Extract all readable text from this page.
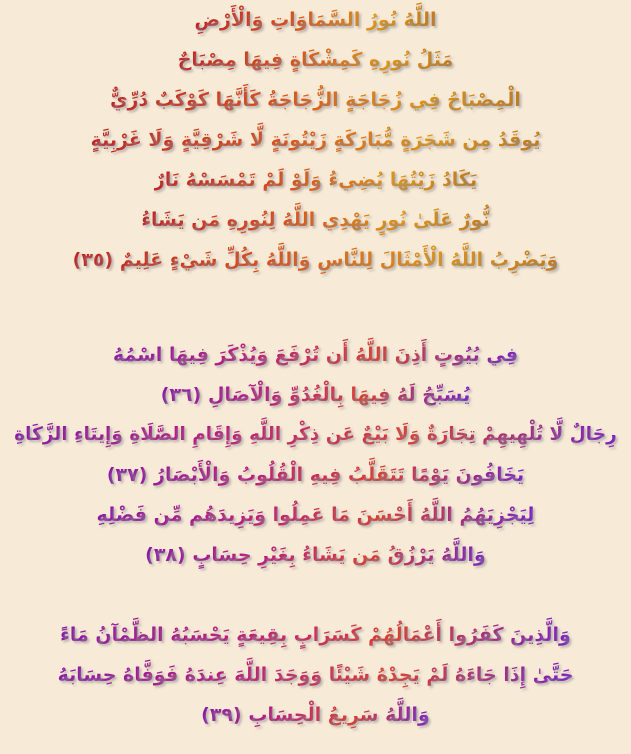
اللَّهُ نُورُ السَّمَاوَاتِ وَالْأَرْضِ
مَثَلُ نُورِهِ كَمِشْكَاةٍ فِيهَا مِصْبَاحٌ
الْمِصْبَاحُ فِي زُجَاجَةٍ الزُّجَاجَةُ كَأَنَّهَا كَوْكَبٌ دُرِّيٌّ
يُوقَدُ مِن شَجَرَةٍ مُّبَارَكَةٍ زَيْتُونَةٍ لَّا شَرْقِيَّةٍ وَلَا غَرْبِيَّةٍ
يَكَادُ زَيْتُهَا يُضِيءُ وَلَوْ لَمْ تَمْسَسْهُ نَارٌ
نُّورٌ عَلَىٰ نُورٍ يَهْدِي اللَّهُ لِنُورِهِ مَن يَشَاءُ
وَيَضْرِبُ اللَّهُ الْأَمْثَالَ لِلنَّاسِ وَاللَّهُ بِكُلِّ شَيْءٍ عَلِيمٌ (٣٥)
فِي بُيُوتٍ أَذِنَ اللَّهُ أَن تُرْفَعَ وَيُذْكَرَ فِيهَا اسْمُهُ
يُسَبِّحُ لَهُ فِيهَا بِالْغُدُوِّ وَالْآصَالِ (٣٦)
رِجَالٌ لَّا تُلْهِيهِمْ تِجَارَةٌ وَلَا بَيْعٌ عَن ذِكْرِ اللَّهِ وَإِقَامِ الصَّلَاةِ وَإِيتَاءِ الزَّكَاةِ
يَخَافُونَ يَوْمًا تَتَقَلَّبُ فِيهِ الْقُلُوبُ وَالْأَبْصَارُ (٣٧)
لِيَجْزِيَهُمُ اللَّهُ أَحْسَنَ مَا عَمِلُوا وَيَزِيدَهُم مِّن فَضْلِهِ
وَاللَّهُ يَرْزُقُ مَن يَشَاءُ بِغَيْرِ حِسَابٍ (٣٨)
وَالَّذِينَ كَفَرُوا أَعْمَالُهُمْ كَسَرَابٍ بِقِيعَةٍ يَحْسَبُهُ الظَّمْآنُ مَاءً
حَتَّىٰ إِذَا جَاءَهُ لَمْ يَجِدْهُ شَيْئًا وَوَجَدَ اللَّهَ عِندَهُ فَوَفَّاهُ حِسَابَهُ
وَاللَّهُ سَرِيعُ الْحِسَابِ (٣٩)
